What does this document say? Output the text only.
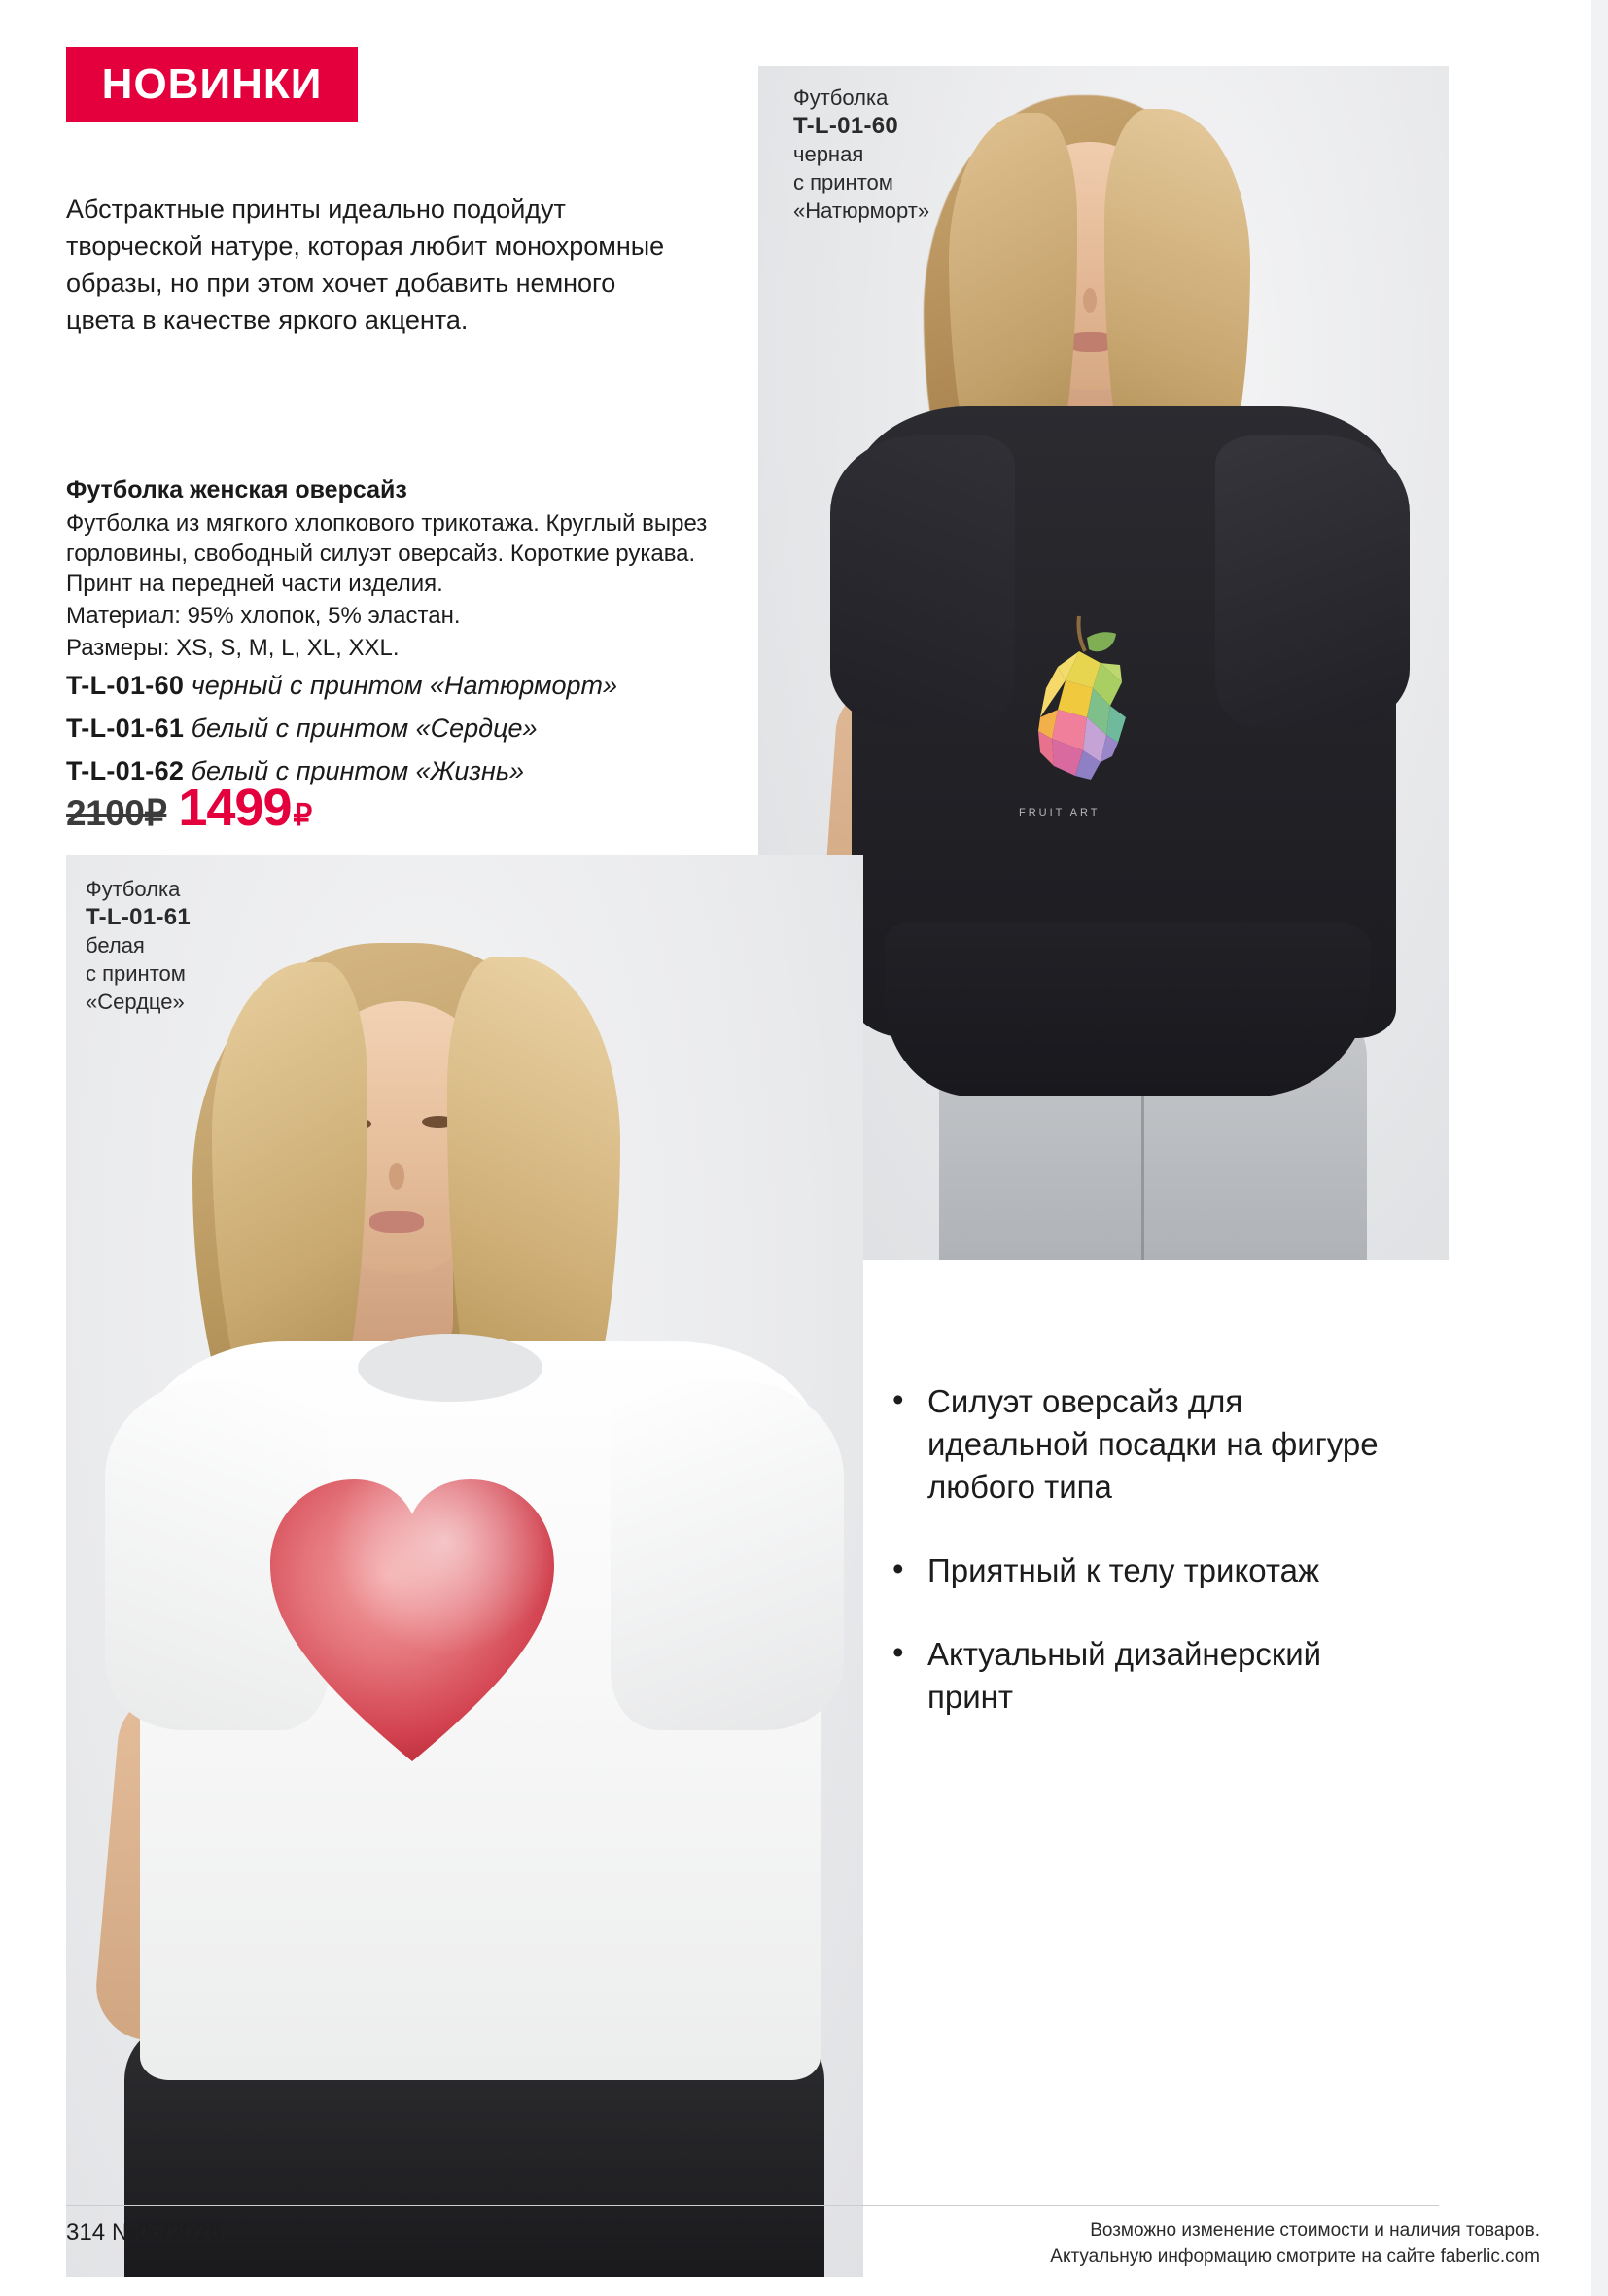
НОВИНКИ
Абстрактные принты идеально подойдут творческой натуре, которая любит монохромные образы, но при этом хочет добавить немного цвета в качестве яркого акцента.
Футболка женская оверсайз
Футболка из мягкого хлопкового трикотажа. Круглый вырез горловины, свободный силуэт оверсайз. Короткие рукава. Принт на передней части изделия.
Материал: 95% хлопок, 5% эластан.
Размеры: XS, S, M, L, XL, XXL.
T-L-01-60 черный с принтом «Натюрморт»
T-L-01-61 белый с принтом «Сердце»
T-L-01-62 белый с принтом «Жизнь»
2100₽ 1499 ₽	FRUIT ART
Футболка
T-L-01-60
черная
с принтом
«Натюрморт»
Футболка
T-L-01-61
белая
с принтом
«Сердце»
• Силуэт оверсайз для идеальной посадки на фигуре любого типа
• Приятный к телу трикотаж
• Актуальный дизайнерский принт
314 №06/2026	Возможно изменение стоимости и наличия товаров.
Актуальную информацию смотрите на сайте faberlic.com
